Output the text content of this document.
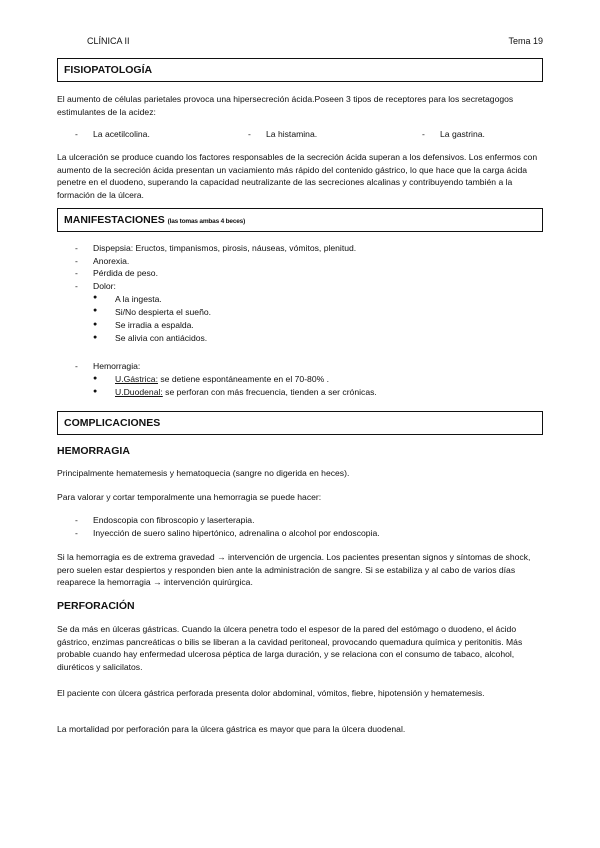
CLÍNICA II	Tema 19
FISIOPATOLOGÍA

El aumento de células parietales provoca una hipersecreción ácida.Poseen 3 tipos de receptores para los secretagogos estimulantes de la acidez:

- La acetilcolina.	- La histamina.	- La gastrina.

La ulceración se produce cuando los factores responsables de la secreción ácida superan a los defensivos. Los enfermos con aumento de la secreción ácida presentan un vaciamiento más rápido del contenido gástrico, lo que hace que la carga ácida penetre en el duodeno, superando la capacidad neutralizante de las secreciones alcalinas y contribuyendo también a la formación de la úlcera.

MANIFESTACIONES (las tomas ambas 4 beces)
- Dispepsia: Eructos, timpanismos, pirosis, náuseas, vómitos, plenitud.
- Anorexia.
- Pérdida de peso.
- Dolor:
● A la ingesta.
● Si/No despierta el sueño.
● Se irradia a espalda.
● Se alivia con antiácidos.
- Hemorragia:
● U.Gástrica: se detiene espontáneamente en el 70-80% .
● U.Duodenal: se perforan con más frecuencia, tienden a ser crónicas.
COMPLICACIONES
HEMORRAGIA

Principalmente hematemesis y hematoquecia (sangre no digerida en heces).

Para valorar y cortar temporalmente una hemorragia se puede hacer:

- Endoscopia con fibroscopio y laserterapia.
- Inyección de suero salino hipertónico, adrenalina o alcohol por endoscopia.

Si la hemorragia es de extrema gravedad → intervención de urgencia. Los pacientes presentan signos y síntomas de shock, pero suelen estar despiertos y responden bien ante la administración de sangre. Si se estabiliza y al cabo de varios días reaparece la hemorragia → intervención quirúrgica.

PERFORACIÓN

Se da más en úlceras gástricas. Cuando la úlcera penetra todo el espesor de la pared del estómago o duodeno, el ácido gástrico, enzimas pancreáticas o bilis se liberan a la cavidad peritoneal, provocando quemadura química y peritonitis. Más probable cuando hay enfermedad ulcerosa péptica de larga duración, y se relaciona con el consumo de tabaco, alcohol, diuréticos y salicilatos.

El paciente con úlcera gástrica perforada presenta dolor abdominal, vómitos, fiebre, hipotensión y hematemesis.

La mortalidad por perforación para la úlcera gástrica es mayor que para la úlcera duodenal.
